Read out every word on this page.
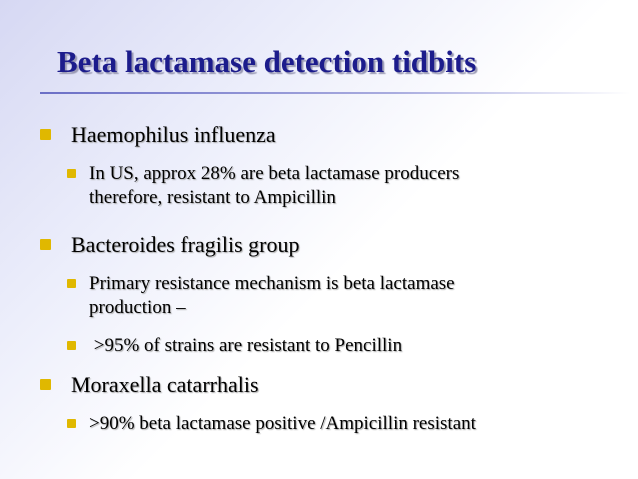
Beta lactamase detection tidbits
Haemophilus influenza
In US, approx 28% are beta lactamase producers
therefore, resistant to Ampicillin
Bacteroides fragilis group
Primary resistance mechanism is beta lactamase
production –
>95% of strains are resistant to Pencillin
Moraxella catarrhalis
>90% beta lactamase positive /Ampicillin resistant
